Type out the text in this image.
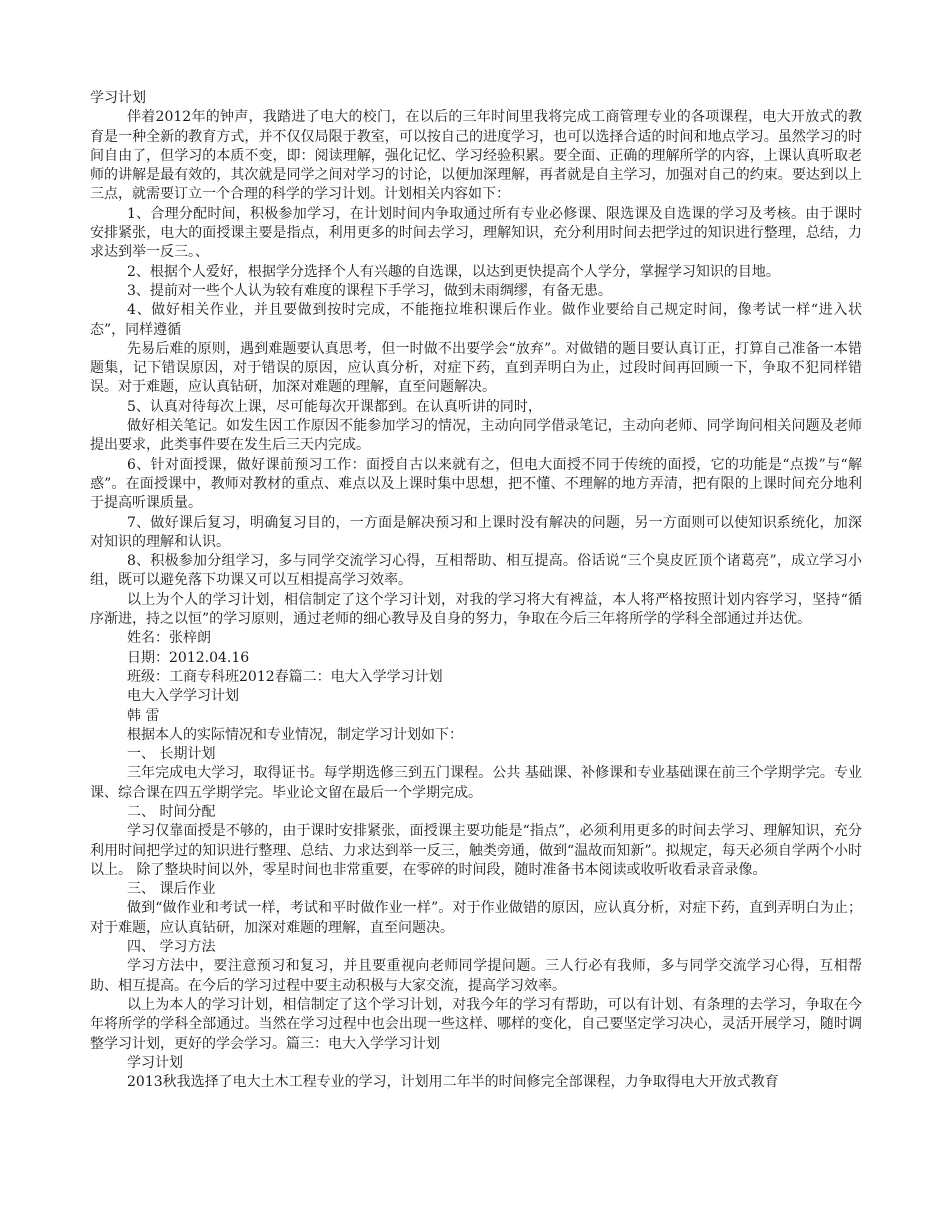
学习计划

伴着2012年的钟声，我踏进了电大的校门，在以后的三年时间里我将完成工商管理专业的各项课程，电大开放式的教育是一种全新的教育方式，并不仅仅局限于教室，可以按自己的进度学习，也可以选择合适的时间和地点学习。虽然学习的时间自由了，但学习的本质不变，即：阅读理解，强化记忆、学习经验积累。要全面、正确的理解所学的内容，上课认真听取老师的讲解是最有效的，其次就是同学之间对学习的讨论，以便加深理解，再者就是自主学习，加强对自己的约束。要达到以上三点，就需要订立一个合理的科学的学习计划。计划相关内容如下：

1、合理分配时间，积极参加学习，在计划时间内争取通过所有专业必修课、限选课及自选课的学习及考核。由于课时安排紧张，电大的面授课主要是指点，利用更多的时间去学习，理解知识，充分利用时间去把学过的知识进行整理，总结，力求达到举一反三。、

2、根据个人爱好，根据学分选择个人有兴趣的自选课，以达到更快提高个人学分，掌握学习知识的目地。

3、提前对一些个人认为较有难度的课程下手学习，做到未雨绸缪，有备无患。

4、做好相关作业，并且要做到按时完成，不能拖拉堆积课后作业。做作业要给自己规定时间，像考试一样“进入状态”，同样遵循

先易后难的原则，遇到难题要认真思考，但一时做不出要学会“放弃”。对做错的题目要认真订正，打算自己准备一本错题集，记下错误原因，对于错误的原因，应认真分析，对症下药，直到弄明白为止，过段时间再回顾一下，争取不犯同样错误。对于难题，应认真钻研，加深对难题的理解，直至问题解决。

5、认真对待每次上课，尽可能每次开课都到。在认真听讲的同时，

做好相关笔记。如发生因工作原因不能参加学习的情况，主动向同学借录笔记，主动向老师、同学询问相关问题及老师提出要求，此类事件要在发生后三天内完成。

6、针对面授课，做好课前预习工作：面授自古以来就有之，但电大面授不同于传统的面授，它的功能是“点拨”与“解惑”。在面授课中，教师对教材的重点、难点以及上课时集中思想，把不懂、不理解的地方弄清，把有限的上课时间充分地利于提高听课质量。

7、做好课后复习，明确复习目的，一方面是解决预习和上课时没有解决的问题，另一方面则可以使知识系统化，加深对知识的理解和认识。

8、积极参加分组学习，多与同学交流学习心得，互相帮助、相互提高。俗话说“三个臭皮匠顶个诸葛亮”，成立学习小组，既可以避免落下功课又可以互相提高学习效率。

以上为个人的学习计划，相信制定了这个学习计划，对我的学习将大有裨益，本人将严格按照计划内容学习，坚持“循序渐进，持之以恒”的学习原则，通过老师的细心教导及自身的努力，争取在今后三年将所学的学科全部通过并达优。

姓名：张梓朗

日期：2012.04.16

班级：工商专科班2012春篇二：电大入学学习计划

电大入学学习计划

韩 雷

根据本人的实际情况和专业情况，制定学习计划如下：

一、 长期计划

三年完成电大学习，取得证书。每学期选修三到五门课程。公共 基础课、补修课和专业基础课在前三个学期学完。专业课、综合课在四五学期学完。毕业论文留在最后一个学期完成。

二、 时间分配

学习仅靠面授是不够的，由于课时安排紧张，面授课主要功能是“指点”，必须利用更多的时间去学习、理解知识，充分利用时间把学过的知识进行整理、总结、力求达到举一反三，触类旁通，做到“温故而知新”。拟规定，每天必须自学两个小时以上。 除了整块时间以外，零星时间也非常重要，在零碎的时间段，随时准备书本阅读或收听收看录音录像。

三、 课后作业

做到“做作业和考试一样，考试和平时做作业一样”。对于作业做错的原因，应认真分析，对症下药，直到弄明白为止；对于难题，应认真钻研，加深对难题的理解，直至问题决。

四、 学习方法

学习方法中，要注意预习和复习，并且要重视向老师同学提问题。三人行必有我师，多与同学交流学习心得，互相帮助、相互提高。在今后的学习过程中要主动积极与大家交流，提高学习效率。

以上为本人的学习计划，相信制定了这个学习计划，对我今年的学习有帮助，可以有计划、有条理的去学习，争取在今年将所学的学科全部通过。当然在学习过程中也会出现一些这样、哪样的变化，自己要坚定学习决心，灵活开展学习，随时调整学习计划，更好的学会学习。篇三：电大入学学习计划

学习计划

2013秋我选择了电大土木工程专业的学习，计划用二年半的时间修完全部课程，力争取得电大开放式教育
